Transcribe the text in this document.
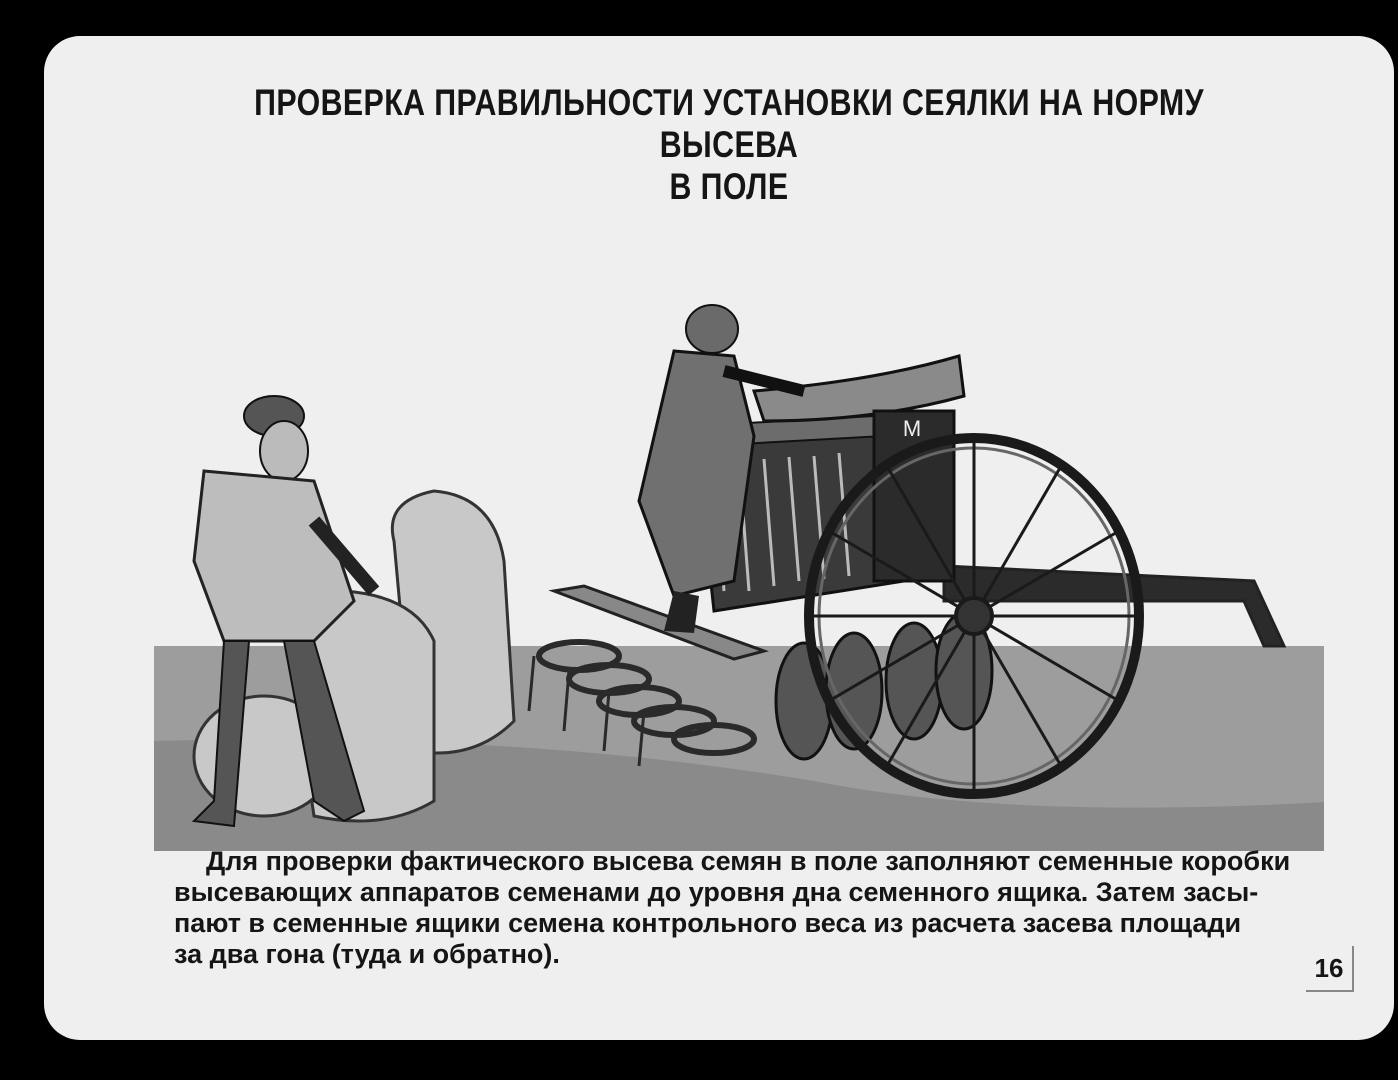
ПРОВЕРКА ПРАВИЛЬНОСТИ УСТАНОВКИ СЕЯЛКИ НА НОРМУ ВЫСЕВА
В ПОЛЕ
М
Для проверки фактического высева семян в поле заполняют семенные коробки
высевающих аппаратов семенами до уровня дна семенного ящика. Затем засы-
пают в семенные ящики семена контрольного веса из расчета засева площади
за два гона (туда и обратно).	16
